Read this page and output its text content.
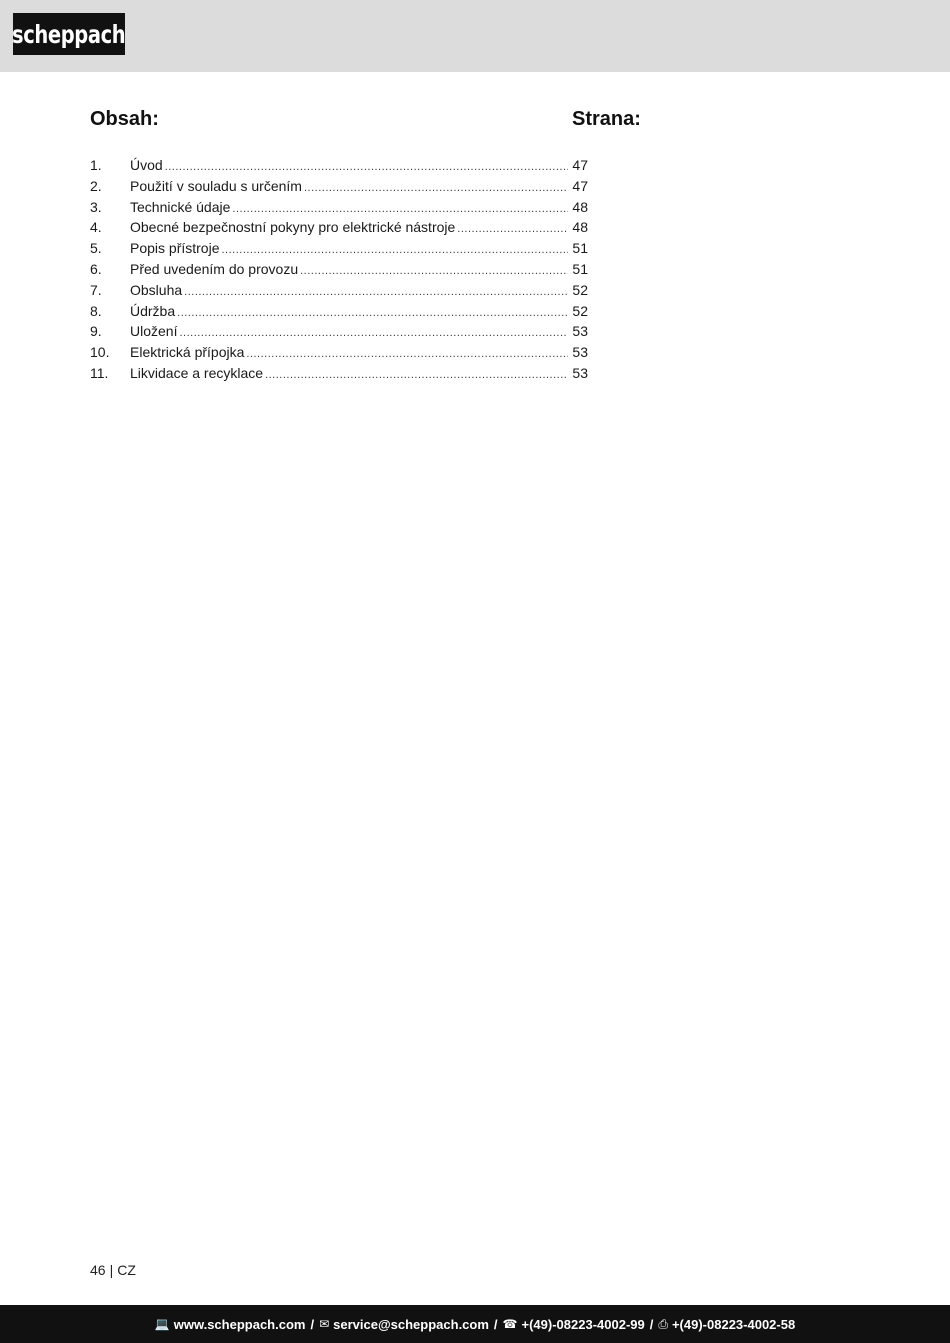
scheppach
Obsah:	Strana:
1.	Úvod .....	47
2.	Použití v souladu s určením .....	47
3.	Technické údaje .....	48
4.	Obecné bezpečnostní pokyny pro elektrické nástroje .....	48
5.	Popis přístroje .....	51
6.	Před uvedením do provozu .....	51
7.	Obsluha .....	52
8.	Údržba .....	52
9.	Uložení .....	53
10.	Elektrická přípojka .....	53
11.	Likvidace a recyklace .....	53
46 | CZ
💻 www.scheppach.com / ✉ service@scheppach.com / ☎ +(49)-08223-4002-99 / ⎙ +(49)-08223-4002-58
